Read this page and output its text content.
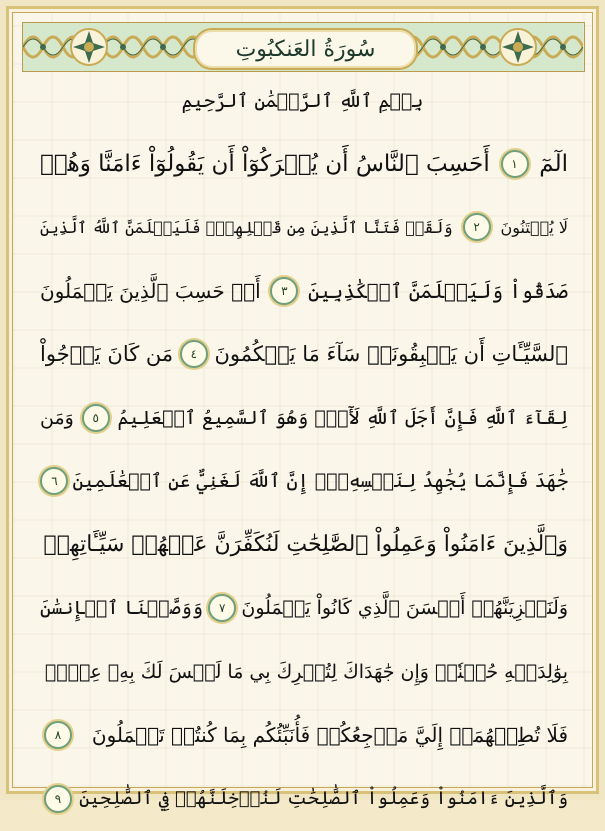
سُورَةُ العَنكبُوتِ
بِسۡمِ ٱللَّهِ ٱلرَّحۡمَٰنِ ٱلرَّحِيمِ
الٓمٓ
١
أَحَسِبَ ٱلنَّاسُ أَن يُتۡرَكُوٓاْ أَن يَقُولُوٓاْ ءَامَنَّا وَهُمۡ
لَا يُفۡتَنُونَ
٢
وَلَقَدۡ فَتَنَّا ٱلَّذِينَ مِن قَبۡلِهِمۡۖ فَلَيَعۡلَمَنَّ ٱللَّهُ ٱلَّذِينَ
صَدَقُواْ وَلَيَعۡلَمَنَّ ٱلۡكَٰذِبِينَ
٣
أَمۡ حَسِبَ ٱلَّذِينَ يَعۡمَلُونَ
ٱلسَّيِّـَٔاتِ أَن يَسۡبِقُونَاۚ سَآءَ مَا يَحۡكُمُونَ
٤
مَن كَانَ يَرۡجُواْ
لِقَآءَ ٱللَّهِ فَإِنَّ أَجَلَ ٱللَّهِ لَأٓتٖۚ وَهُوَ ٱلسَّمِيعُ ٱلۡعَلِيمُ
٥
وَمَن
جَٰهَدَ فَإِنَّمَا يُجَٰهِدُ لِنَفۡسِهِۦٓۚ إِنَّ ٱللَّهَ لَغَنِيٌّ عَنِ ٱلۡعَٰلَمِينَ
٦
وَٱلَّذِينَ ءَامَنُواْ وَعَمِلُواْ ٱلصَّٰلِحَٰتِ لَنُكَفِّرَنَّ عَنۡهُمۡ سَيِّـَٔاتِهِمۡ
وَلَنَجۡزِيَنَّهُمۡ أَحۡسَنَ ٱلَّذِي كَانُواْ يَعۡمَلُونَ
٧
وَوَصَّيۡنَا ٱلۡإِنسَٰنَ
بِوَٰلِدَيۡهِ حُسۡنٗاۖ وَإِن جَٰهَدَاكَ لِتُشۡرِكَ بِي مَا لَيۡسَ لَكَ بِهِۦ عِلۡمٞ
فَلَا تُطِعۡهُمَآۚ إِلَيَّ مَرۡجِعُكُمۡ فَأُنَبِّئُكُم بِمَا كُنتُمۡ تَعۡمَلُونَ
٨
وَٱلَّذِينَ ءَامَنُواْ وَعَمِلُواْ ٱلصَّٰلِحَٰتِ لَنُدۡخِلَنَّهُمۡ فِي ٱلصَّٰلِحِينَ
٩
